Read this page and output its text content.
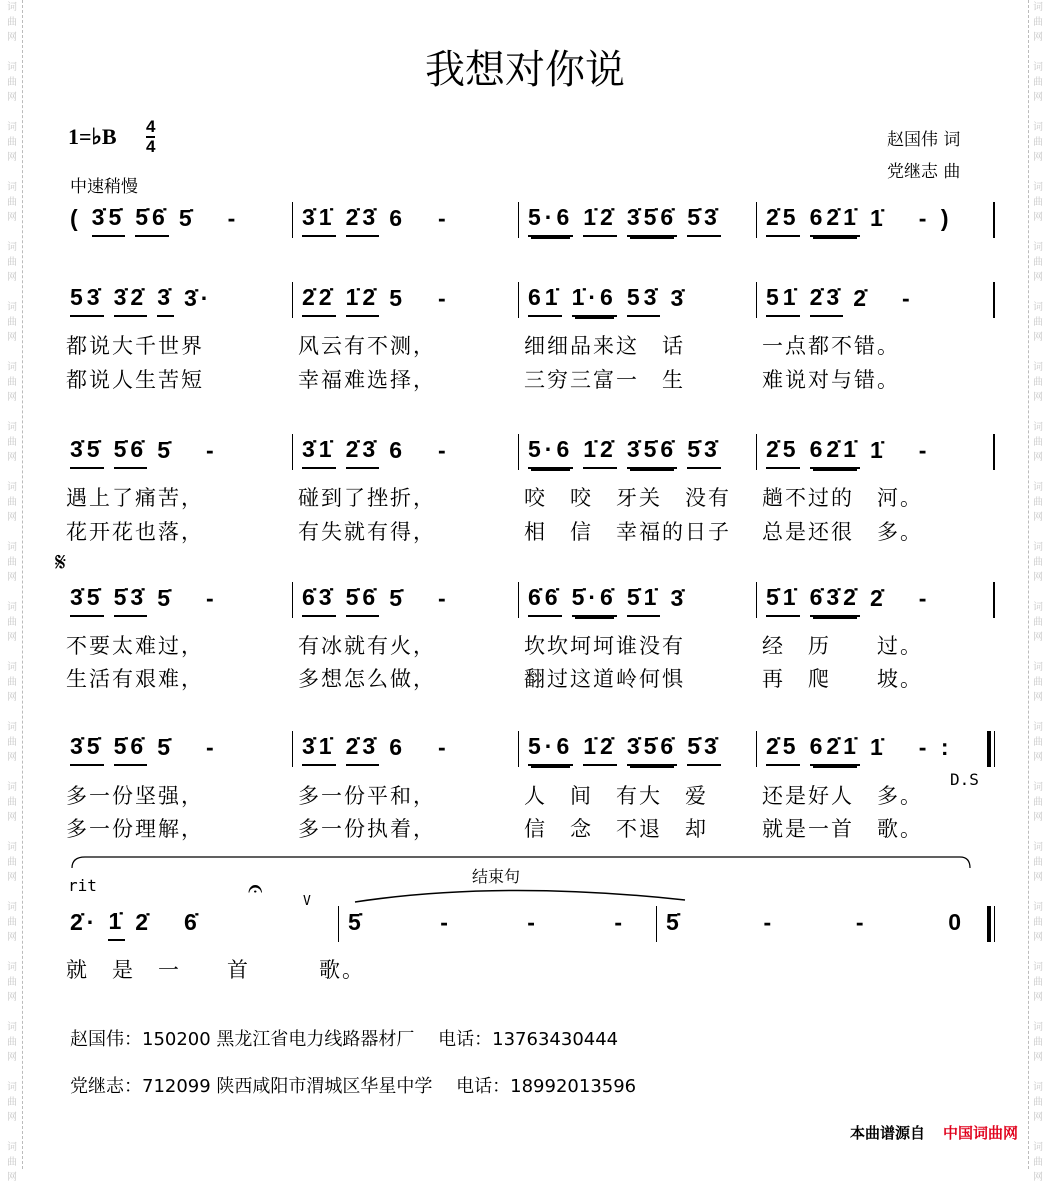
词
曲
网
词
曲
网
词
曲
网
词
曲
网
词
曲
网
词
曲
网
词
曲
网
词
曲
网
词
曲
网
词
曲
网
词
曲
网
词
曲
网
词
曲
网
词
曲
网
词
曲
网
词
曲
网
词
曲
网
词
曲
网
词
曲
网
词
曲
网
词
曲
网
词
曲
网
词
曲
网
词
曲
网
词
曲
网
词
曲
网
词
曲
网
词
曲
网
词
曲
网
词
曲
网
词
曲
网
词
曲
网
词
曲
网
词
曲
网
词
曲
网
词
曲
网
词
曲
网
词
曲
网
词
曲
网
词
曲
网
我想对你说
1=♭B 4
4
中速稍慢
赵国伟 词
党继志 曲
( 3̇5̇ 5̇6̇ 5̇ -	3̇1̇ 2̇3̇ 6 -	5·6 1̇2̇ 3̇5̇6̇ 5̇3̇ 2̇5 62̇1̇ 1̇ - )
53̇ 3̇2̇ 3̇ 3̇·	2̇2̇ 1̇2̇ 5 -	61̇ 1̇·6 53̇ 3̇	51̇ 2̇3̇ 2̇ -
都说大千世界	风云有不测，	细细品来这　话	一点都不错。
都说人生苦短	幸福难选择，	三穷三富一　生	难说对与错。
3̇5̇ 5̇6̇ 5̇ -	3̇1̇ 2̇3̇ 6 -	5·6 1̇2̇ 3̇5̇6̇ 5̇3̇ 2̇5 62̇1̇ 1̇ -
遇上了痛苦，	碰到了挫折，	咬　咬　牙关　没有	趟不过的　河。
花开花也落，	有失就有得，	相　信　幸福的日子	总是还很　多。
3̇5̇ 5̇3̇ 5̇ -	6̇3̇ 5̇6̇ 5̇ -	6̇6̇ 5̇·6̇ 5̇1̇ 3̇	5̇1̇ 6̇3̇2̇ 2̇ -
不要太难过，	有冰就有火，	坎坎坷坷谁没有	经　历　　过。
生活有艰难，	多想怎么做，	翻过这道岭何惧	再　爬　　坡。
3̇5̇ 5̇6̇ 5̇ -	3̇1̇ 2̇3̇ 6 -	5·6 1̇2̇ 3̇5̇6̇ 5̇3̇ 2̇5 62̇1̇ 1̇ - :
多一份坚强，	多一份平和，	人　间　有大　爱	还是好人　多。
多一份理解，	多一份执着，	信　念　不退　却	就是一首　歌。
2̇· 1̇ 2̇ 6̇	5̇	-	-	- 5̇	-	-	0
就　是　一　　首　　　歌。
𝄋
D.S
rit	结束句
V
𝄐
赵国伟：150200 黑龙江省电力线路器材厂　 电话：13763430444
党继志：712099 陕西咸阳市渭城区华星中学　 电话：18992013596
本曲谱源自 中国词曲网
